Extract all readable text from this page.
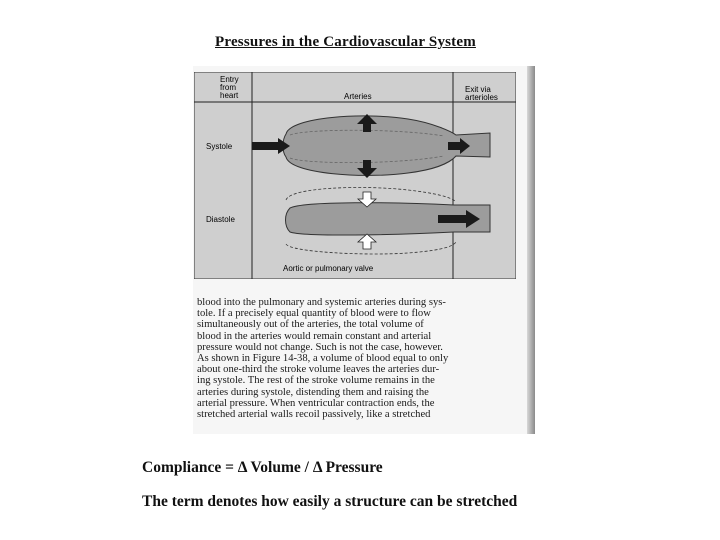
Pressures in the Cardiovascular System
Entry
from
heart	Arteries
Exit via
arterioles
Systole
Diastole
Aortic or pulmonary valve
blood into the pulmonary and systemic arteries during sys-
tole. If a precisely equal quantity of blood were to flow
simultaneously out of the arteries, the total volume of
blood in the arteries would remain constant and arterial
pressure would not change. Such is not the case, however.
As shown in Figure 14-38, a volume of blood equal to only
about one-third the stroke volume leaves the arteries dur-
ing systole. The rest of the stroke volume remains in the
arteries during systole, distending them and raising the
arterial pressure. When ventricular contraction ends, the
stretched arterial walls recoil passively, like a stretched
Compliance = Δ Volume / Δ Pressure
The term denotes how easily a structure can be stretched
